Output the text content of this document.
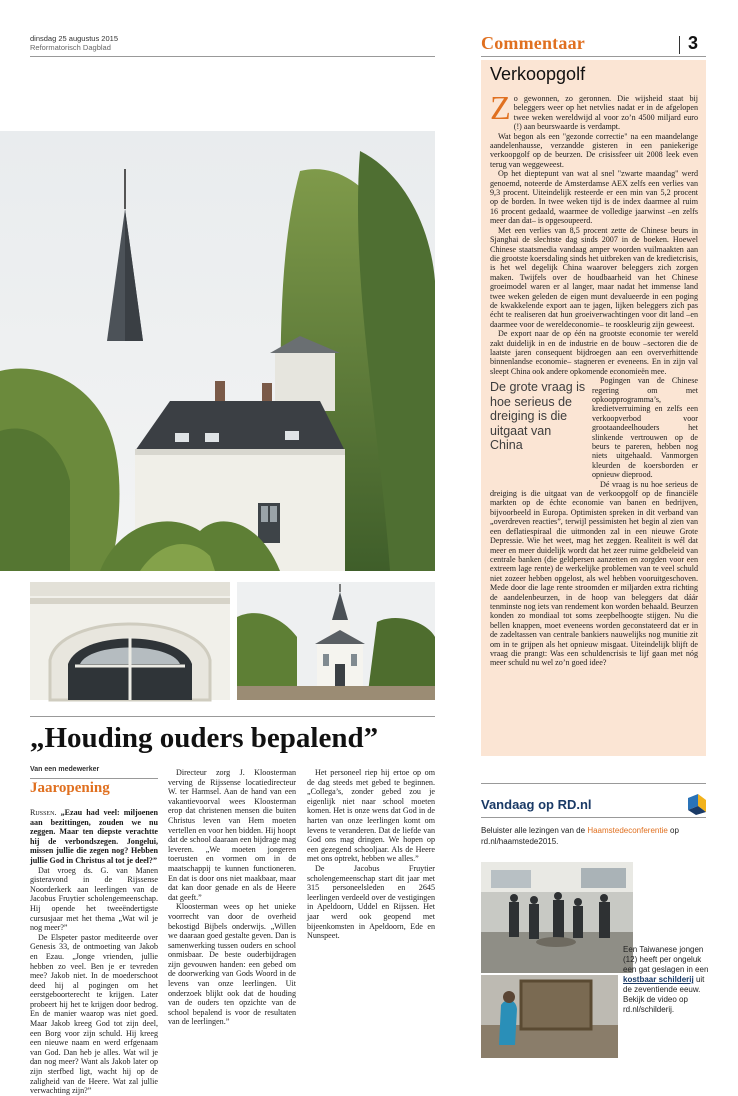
dinsdag 25 augustus 2015
Reformatorisch Dagblad	Commentaar	3
Verkoopgolf

Zo gewonnen, zo geronnen. Die wijsheid staat bij beleggers weer op het netvlies nadat er in de afgelopen twee weken wereldwijd al voor zo’n 4500 miljard euro (!) aan beurswaarde is verdampt.

Wat begon als een "gezonde correctie" na een maandelange aandelenhausse, verzandde gisteren in een paniekerige verkoopgolf op de beurzen. De crisissfeer uit 2008 leek even terug van weggeweest.

Op het dieptepunt van wat al snel "zwarte maandag" werd genoemd, noteerde de Amsterdamse AEX zelfs een verlies van 9,3 procent. Uiteindelijk resteerde er een min van 5,2 procent op de borden. In twee weken tijd is de index daarmee al ruim 16 procent gedaald, waarmee de volledige jaarwinst –en zelfs meer dan dat– is opgesoupeerd.

Met een verlies van 8,5 procent zette de Chinese beurs in Sjanghai de slechtste dag sinds 2007 in de boeken. Hoewel Chinese staatsmedia vandaag amper woorden vuilmaakten aan die grootste koersdaling sinds het uitbreken van de kredietcrisis, is het wel degelijk China waarover beleggers zich zorgen maken. Twijfels over de houdbaarheid van het Chinese groeimodel waren er al langer, maar nadat het immense land twee weken geleden de eigen munt devalueerde in een poging de kwakkelende export aan te jagen, lijken beleggers zich pas écht te realiseren dat hun groeiverwachtingen voor dit land –en daarmee voor de wereldeconomie– te rooskleurig zijn geweest.

De export naar de op één na grootste economie ter wereld zakt duidelijk in en de industrie en de bouw –sectoren die de laatste jaren consequent bijdroegen aan een oververhittende binnenlandse economie– stagneren er eveneens. En in zijn val sleept China ook andere opkomende economieën mee.

De grote vraag is hoe serieus de dreiging is die uitgaat van China
Pogingen van de Chinese regering om met opkoopprogramma’s, kredietverruiming en zelfs een verkoopverbod voor grootaandeelhouders het slinkende vertrouwen op de beurs te pareren, hebben nog niets uitgehaald. Vanmorgen kleurden de koersborden er opnieuw dieprood.

Dé vraag is nu hoe serieus de dreiging is die uitgaat van de verkoopgolf op de financiële markten op de échte economie van banen en bedrijven, bijvoorbeeld in Europa. Optimisten spreken in dit verband van „overdreven reacties”, terwijl pessimisten het begin al zien van een deflatiespiraal die uitmonden zal in een nieuwe Grote Depressie. Wie het weet, mag het zeggen. Realiteit is wél dat meer en meer duidelijk wordt dat het zeer ruime geldbeleid van centrale banken (die geldpersen aanzetten en zorgden voor een extreem lage rente) de werkelijke problemen van te veel schuld niet zozeer hebben opgelost, als wel hebben vooruitgeschoven. Mede door die lage rente stroomden er miljarden extra richting de aandelenbeurzen, in de hoop van beleggers dat dáár tenminste nog iets van rendement kon worden behaald. Beurzen konden zo mondiaal tot soms zeepbelhoogte stijgen. Nu die bellen knappen, moet eveneens worden geconstateerd dat er in de zadeltassen van centrale bankiers nauwelijks nog munitie zit om in te grijpen als het opnieuw misgaat. Uiteindelijk blijft de vraag die prangt: Was een schuldencrisis te lijf gaan met nóg meer schuld nu wel zo’n goed idee?

„Houding ouders bepalend”
Van een medewerker
Jaaropening

Rijssen. „Ezau had veel: miljoenen aan bezittingen, zouden we nu zeggen. Maar ten diepste verachtte hij de verbondszegen. Jongelui, missen jullie die zegen nog? Hebben jullie God in Christus al tot je deel?”

Dat vroeg ds. G. van Manen gisteravond in de Rijssense Noorderkerk aan leerlingen van de Jacobus Fruytier scholengemeenschap. Hij opende het tweeëndertigste cursusjaar met het thema „Wat wil je nog meer?”

De Elspeter pastor mediteerde over Genesis 33, de ontmoeting van Jakob en Ezau. „Jonge vrienden, jullie hebben zo veel. Ben je er tevreden mee? Jakob niet. In de moederschoot deed hij al pogingen om het eerstgeboorterecht te krijgen. Later probeert hij het te krijgen door bedrog. En de manier waarop was niet goed. Maar Jakob kreeg God tot zijn deel, een Borg voor zijn schuld. Hij kreeg een nieuwe naam en werd erfgenaam van God. Dan heb je alles. Wat wil je dan nog meer? Want als Jakob later op zijn sterfbed ligt, wacht hij op de zaligheid van de Heere. Wat zal jullie verwachting zijn?”

Directeur zorg J. Kloosterman verving de Rijssense locatiedirecteur W. ter Harmsel. Aan de hand van een vakantievoorval wees Kloosterman erop dat christenen mensen die buiten Christus leven van Hem moeten vertellen en voor hen bidden. Hij hoopt dat de school daaraan een bijdrage mag leveren. „We moeten jongeren toerusten en vormen om in de maatschappij te kunnen functioneren. En dat is door ons niet maakbaar, maar dat kan door genade en als de Heere dat geeft.”

Kloosterman wees op het unieke voorrecht van door de overheid bekostigd Bijbels onderwijs. „Willen we daaraan goed gestalte geven. Dan is samenwerking tussen ouders en school onmisbaar. De beste ouderbijdragen zijn gevouwen handen: een gebed om de doorwerking van Gods Woord in de levens van onze leerlingen. Uit onderzoek blijkt ook dat de houding van de ouders ten opzichte van de school bepalend is voor de resultaten van de leerlingen.”

Het personeel riep hij ertoe op om de dag steeds met gebed te beginnen. „Collega’s, zonder gebed zou je eigenlijk niet naar school moeten komen. Het is onze wens dat God in de harten van onze leerlingen komt om levens te veranderen. Dat de liefde van God ons mag dringen. We hopen op een gezegend schooljaar. Als de Heere met ons optrekt, hebben we alles.”

De Jacobus Fruytier scholengemeenschap start dit jaar met 315 personeelsleden en 2645 leerlingen verdeeld over de vestigingen in Apeldoorn, Uddel en Rijssen. Het jaar werd ook geopend met bijeenkomsten in Apeldoorn, Ede en Nunspeet.

Vandaag op RD.nl
Beluister alle lezingen van de Haamstedeconferentie op rd.nl/haamstede2015.
Een Taiwanese jongen (12) heeft per ongeluk een gat geslagen in een kostbaar schilderij uit de zeventiende eeuw. Bekijk de video op rd.nl/schilderij.
